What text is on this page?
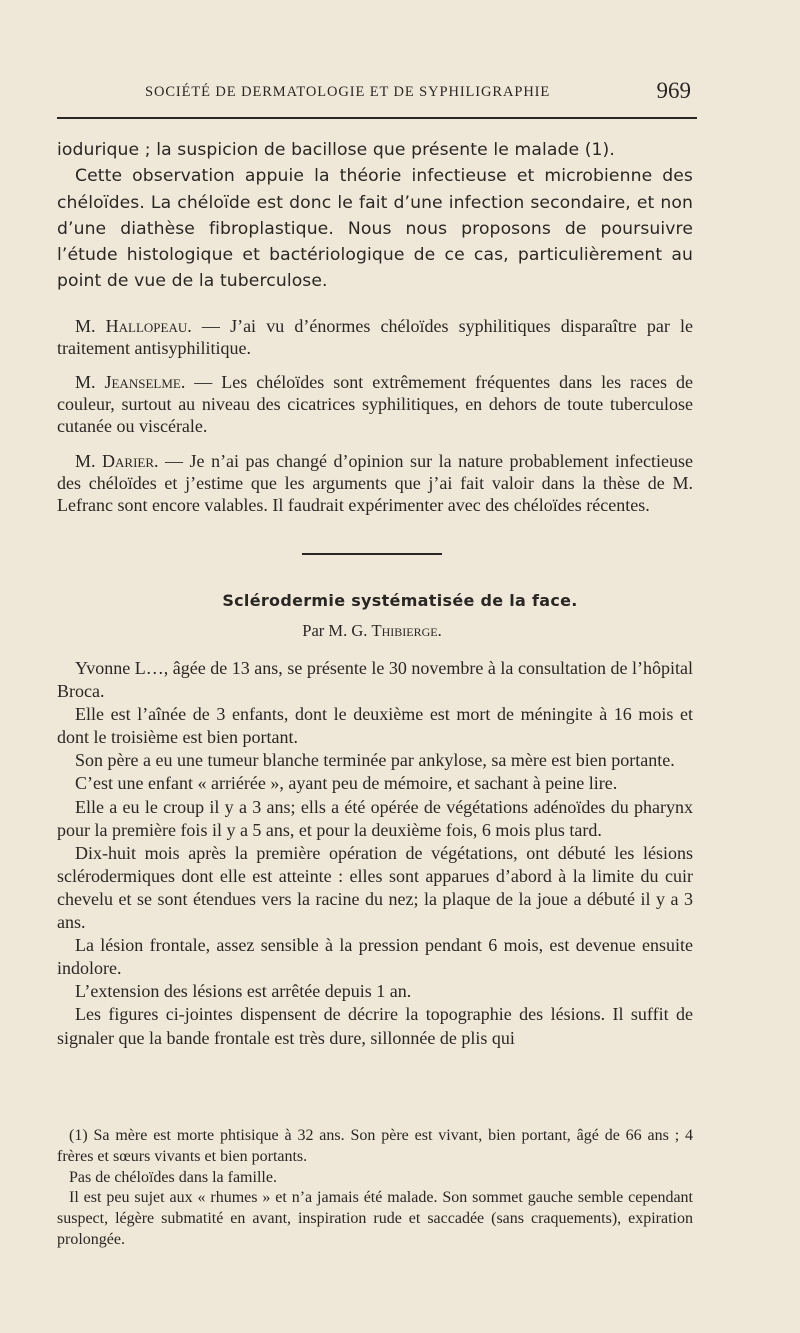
SOCIÉTÉ DE DERMATOLOGIE ET DE SYPHILIGRAPHIE	969

iodurique ; la suspicion de bacillose que présente le malade (1).

Cette observation appuie la théorie infectieuse et microbienne des chéloïdes. La chéloïde est donc le fait d’une infection secondaire, et non d’une diathèse fibroplastique. Nous nous proposons de poursuivre l’étude histologique et bactériologique de ce cas, particulièrement au point de vue de la tuberculose.

M. Hallopeau. — J’ai vu d’énormes chéloïdes syphilitiques disparaître par le traitement antisyphilitique.

M. Jeanselme. — Les chéloïdes sont extrêmement fréquentes dans les races de couleur, surtout au niveau des cicatrices syphilitiques, en dehors de toute tuberculose cutanée ou viscérale.

M. Darier. — Je n’ai pas changé d’opinion sur la nature probablement infectieuse des chéloïdes et j’estime que les arguments que j’ai fait valoir dans la thèse de M. Lefranc sont encore valables. Il faudrait expérimenter avec des chéloïdes récentes.

Sclérodermie systématisée de la face.
Par M. G. Thibierge.

Yvonne L…, âgée de 13 ans, se présente le 30 novembre à la consultation de l’hôpital Broca.

Elle est l’aînée de 3 enfants, dont le deuxième est mort de méningite à 16 mois et dont le troisième est bien portant.

Son père a eu une tumeur blanche terminée par ankylose, sa mère est bien portante.

C’est une enfant « arriérée », ayant peu de mémoire, et sachant à peine lire.

Elle a eu le croup il y a 3 ans; ells a été opérée de végétations adénoïdes du pharynx pour la première fois il y a 5 ans, et pour la deuxième fois, 6 mois plus tard.

Dix-huit mois après la première opération de végétations, ont débuté les lésions sclérodermiques dont elle est atteinte : elles sont apparues d’abord à la limite du cuir chevelu et se sont étendues vers la racine du nez; la plaque de la joue a débuté il y a 3 ans.

La lésion frontale, assez sensible à la pression pendant 6 mois, est devenue ensuite indolore.

L’extension des lésions est arrêtée depuis 1 an.

Les figures ci-jointes dispensent de décrire la topographie des lésions. Il suffit de signaler que la bande frontale est très dure, sillonnée de plis qui

(1) Sa mère est morte phtisique à 32 ans. Son père est vivant, bien portant, âgé de 66 ans ; 4 frères et sœurs vivants et bien portants.

Pas de chéloïdes dans la famille.

Il est peu sujet aux « rhumes » et n’a jamais été malade. Son sommet gauche semble cependant suspect, légère submatité en avant, inspiration rude et saccadée (sans craquements), expiration prolongée.
